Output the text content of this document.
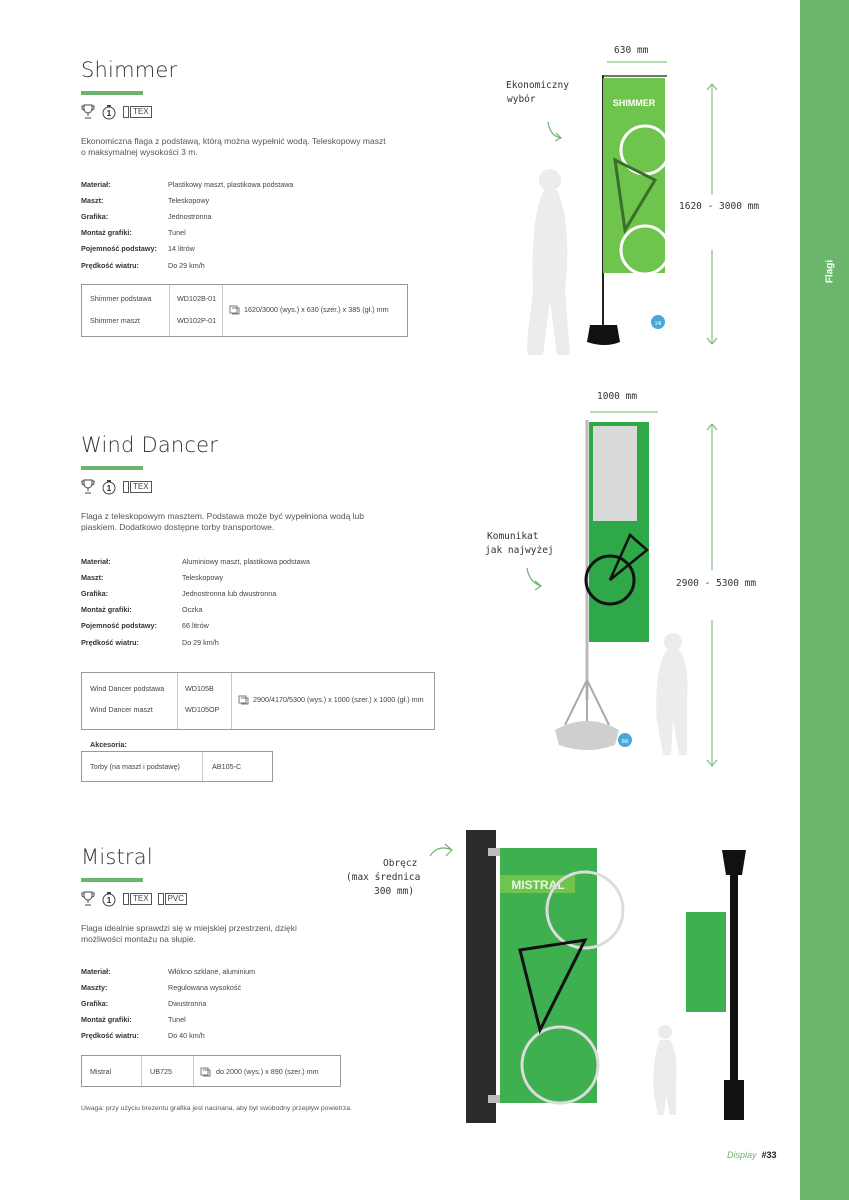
Flagi
Shimmer
1	TEX

Ekonomiczna flaga z podstawą, którą można wypełnić wodą. Teleskopowy maszt o maksymalnej wysokości 3 m.

Materiał:	Plastikowy maszt, plastikowa podstawa
Maszt:	Teleskopowy
Grafika:	Jednostronna
Montaż grafiki:	Tunel
Pojemność podstawy:	14 litrów
Prędkość wiatru:	Do 29 km/h
Shimmer podstawa	WD102B-01
Shimmer maszt	WD102P-01
1620/3000 (wys.) x 630 (szer.) x 385 (gł.) mm
SHIMMER
14l
630 mm
1620 - 3000 mm
Ekonomiczny
wybór
Wind Dancer
1	TEX

Flaga z teleskopowym masztem. Podstawa może być wypełniona wodą lub piaskiem. Dodatkowo dostępne torby transportowe.

Materiał:	Aluminiowy maszt, plastikowa podstawa
Maszt:	Teleskopowy
Grafika:	Jednostronna lub dwustronna
Montaż grafiki:	Oczka
Pojemność podstawy:	66 litrów
Prędkość wiatru:	Do 29 km/h
Wind Dancer podstawa	WD105B
Wind Dancer maszt	WD105OP
2900/4170/5300 (wys.) x 1000 (szer.) x 1000 (gł.) mm
Akcesoria:
Torby (na maszt i podstawę)	AB105-C
66l
1000 mm
2900 - 5300 mm
Komunikat
jak najwyżej
Mistral
1	TEX	PVC

Flaga idealnie sprawdzi się w miejskiej przestrzeni, dzięki możliwości montażu na słupie.

Materiał:	Włókno szklane, aluminium
Maszty:	Regulowana wysokość
Grafika:	Dwustronna
Montaż grafiki:	Tunel
Prędkość wiatru:	Do 40 km/h
Mistral	UB725	do 2000 (wys.) x 890 (szer.) mm
MISTRAL
Obręcz
(max średnica
300 mm)
Uwaga: przy użyciu brezentu grafika jest nacinana, aby był swobodny przepływ powietrza.
Display #33
